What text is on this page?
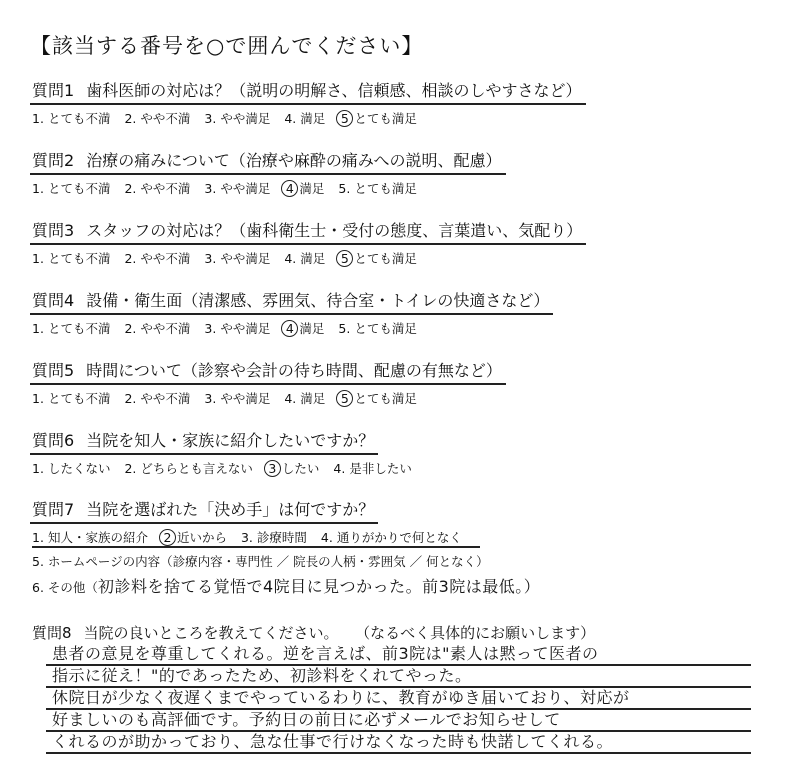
【該当する番号を○で囲んでください】
質問1 歯科医師の対応は？（説明の明解さ、信頼感、相談のしやすさなど）
1. とても不満 2. やや不満 3. やや満足 4. 満足 5 とても満足
質問2 治療の痛みについて（治療や麻酔の痛みへの説明、配慮）
1. とても不満 2. やや不満 3. やや満足 4 満足 5. とても満足
質問3 スタッフの対応は？（歯科衛生士・受付の態度、言葉遣い、気配り）
1. とても不満 2. やや不満 3. やや満足 4. 満足 5 とても満足
質問4 設備・衛生面（清潔感、雰囲気、待合室・トイレの快適さなど）
1. とても不満 2. やや不満 3. やや満足 4 満足 5. とても満足
質問5 時間について（診察や会計の待ち時間、配慮の有無など）
1. とても不満 2. やや不満 3. やや満足 4. 満足 5 とても満足
質問6 当院を知人・家族に紹介したいですか？
1. したくない 2. どちらとも言えない 3 したい 4. 是非したい
質問7 当院を選ばれた「決め手」は何ですか？
1. 知人・家族の紹介 2 近いから 3. 診療時間 4. 通りがかりで何となく
5. ホームページの内容（診療内容・専門性 ／ 院長の人柄・雰囲気 ／ 何となく）
6. その他（初診料を捨てる覚悟で4院目に見つかった。前3院は最低。）
質問8 当院の良いところを教えてください。 （なるべく具体的にお願いします）
患者の意見を尊重してくれる。逆を言えば、前3院は"素人は黙って医者の
指示に従え！"的であったため、初診料をくれてやった。
休院日が少なく夜遅くまでやっているわりに、教育がゆき届いており、対応が
好ましいのも高評価です。予約日の前日に必ずメールでお知らせして
くれるのが助かっており、急な仕事で行けなくなった時も快諾してくれる。
